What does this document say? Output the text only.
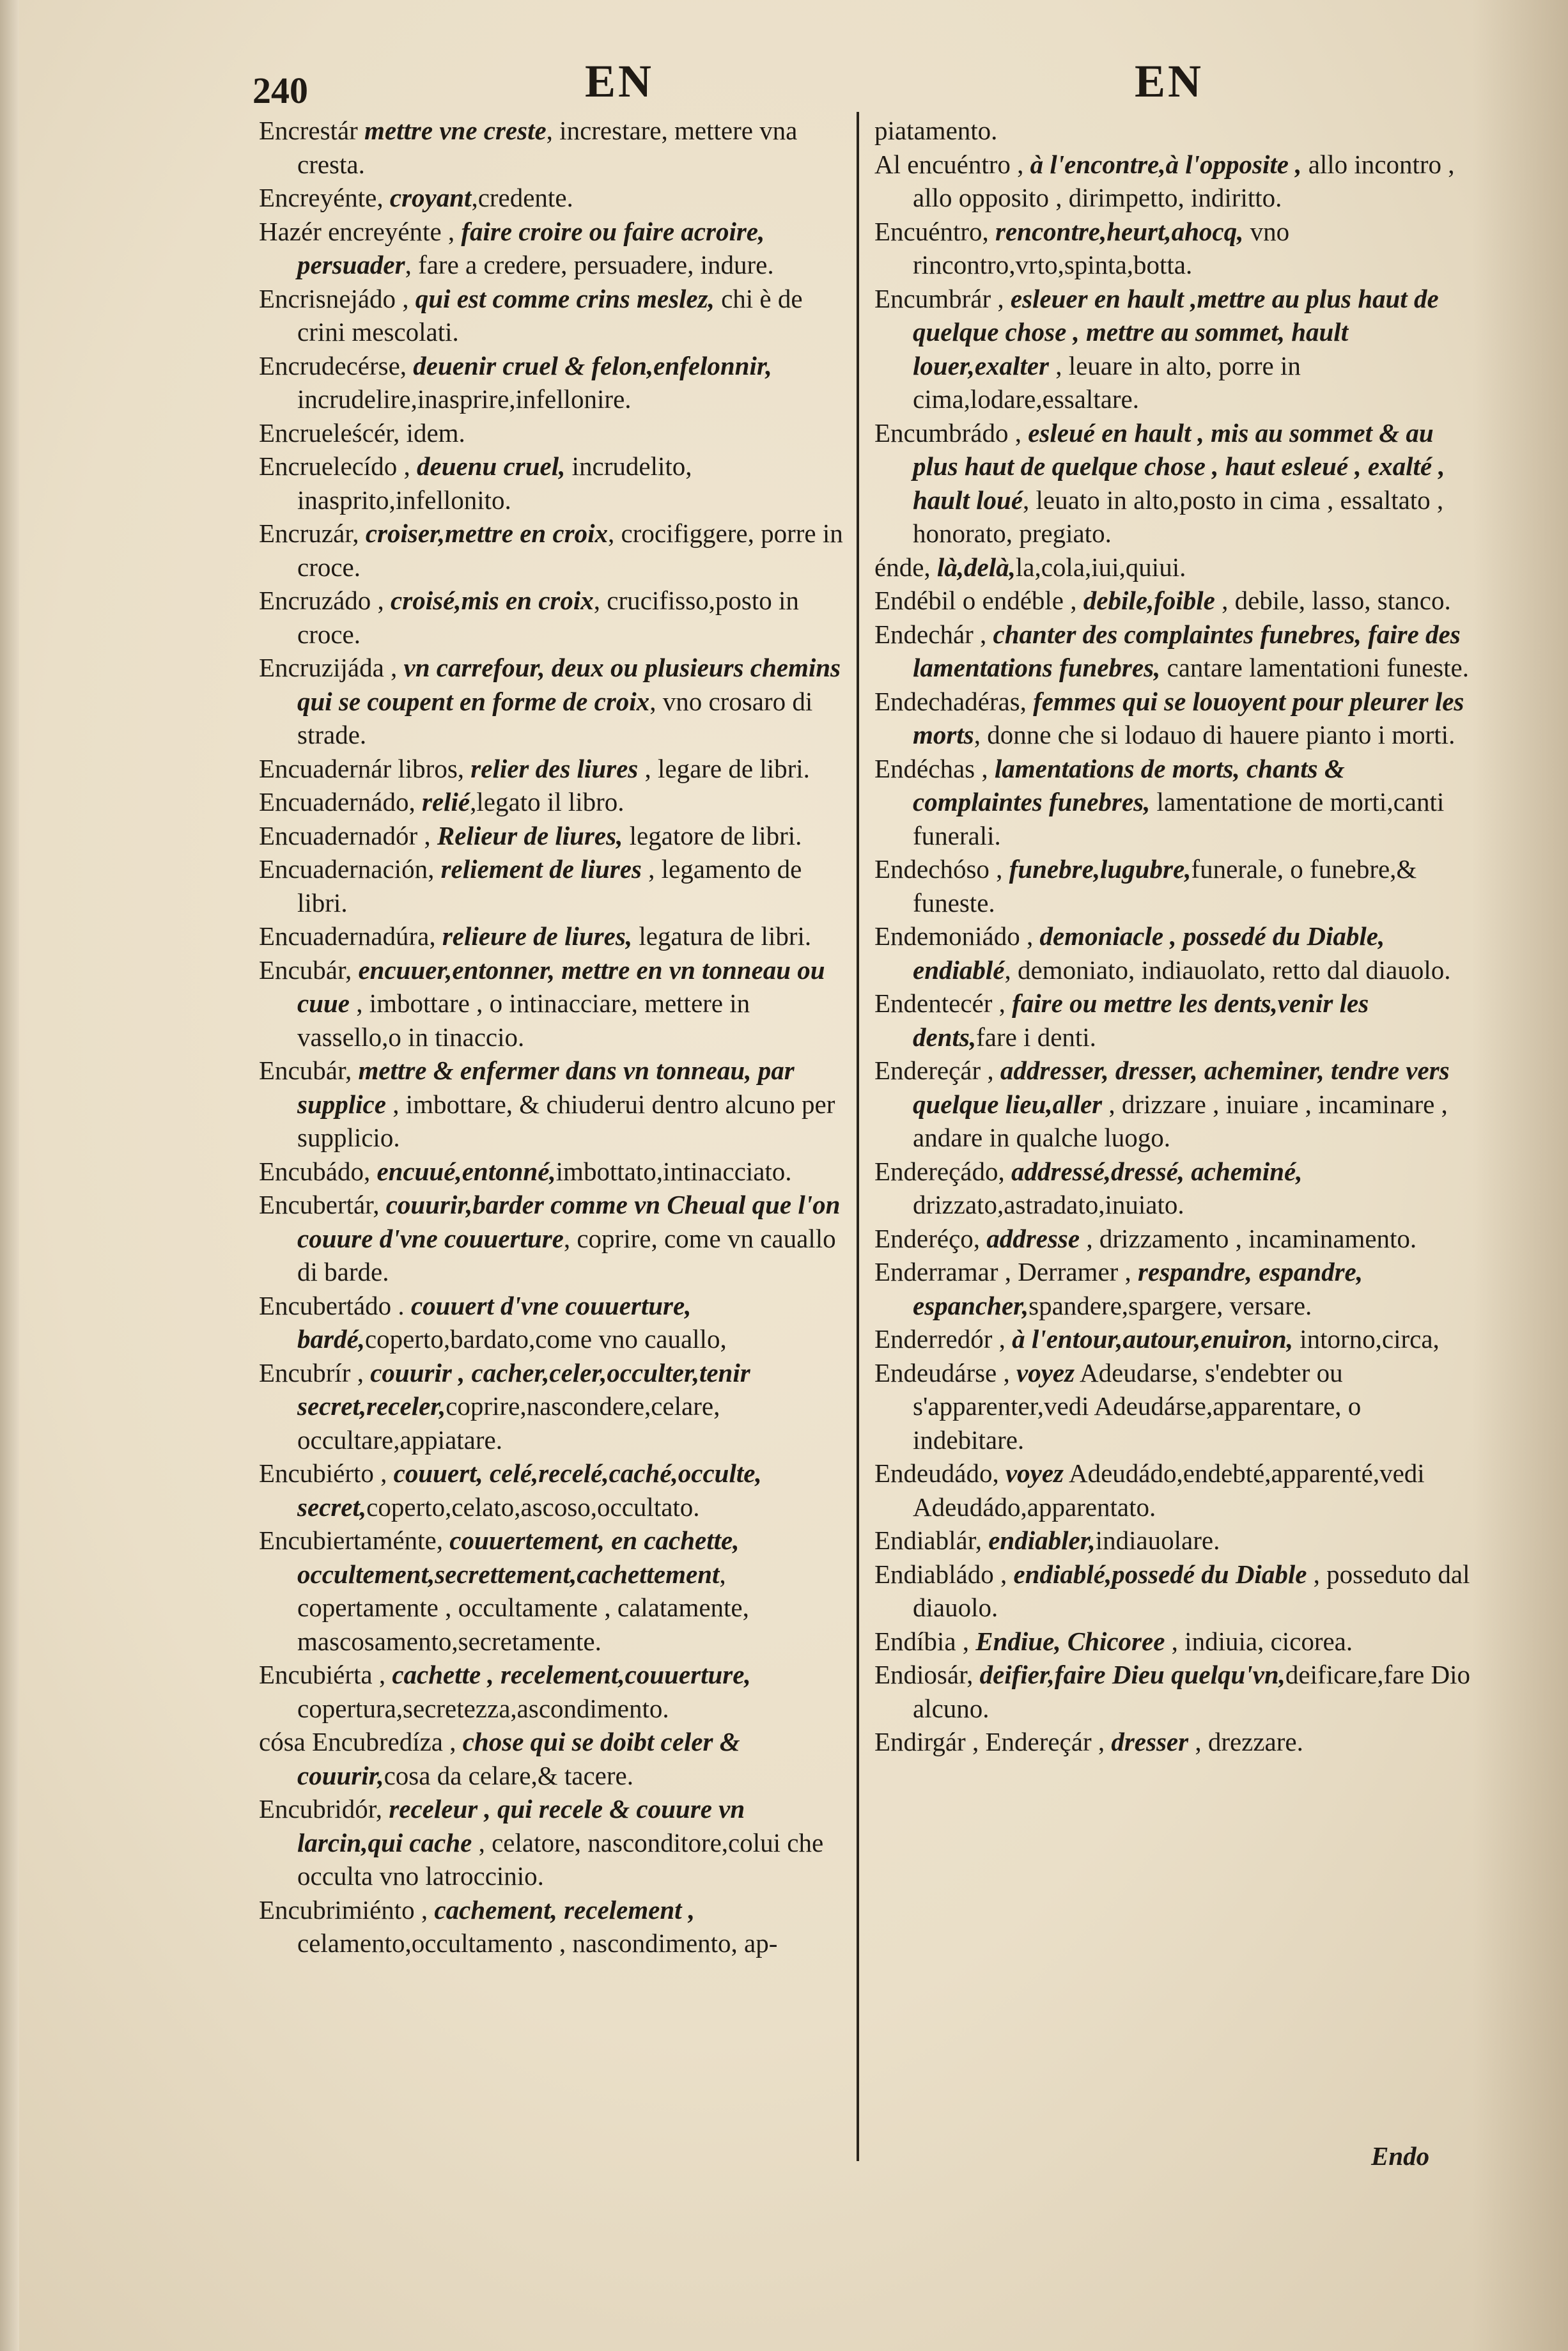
240	EN	EN

Encrestár mettre vne creste, increstare, mettere vna cresta.

Encreyénte, croyant,credente.

Hazér encreyénte , faire croire ou faire acroire, persuader, fare a credere, persuadere, indure.

Encrisnejádo , qui est comme crins meslez, chi è de crini mescolati.

Encrudecérse, deuenir cruel & felon,enfelonnir, incrudelire,inasprire,infellonire.

Encrueleścér, idem.

Encruelecído , deuenu cruel, incrudelito, inasprito,infellonito.

Encruzár, croiser,mettre en croix, crocifiggere, porre in croce.

Encruzádo , croisé,mis en croix, crucifisso,posto in croce.

Encruzijáda , vn carrefour, deux ou plusieurs chemins qui se coupent en forme de croix, vno crosaro di strade.

Encuadernár libros, relier des liures , legare de libri.

Encuadernádo, relié,legato il libro.

Encuadernadór , Relieur de liures, legatore de libri.

Encuadernación, reliement de liures , legamento de libri.

Encuadernadúra, relieure de liures, legatura de libri.

Encubár, encuuer,entonner, mettre en vn tonneau ou cuue , imbottare , o intinacciare, mettere in vassello,o in tinaccio.

Encubár, mettre & enfermer dans vn tonneau, par supplice , imbottare, & chiuderui dentro alcuno per supplicio.

Encubádo, encuué,entonné,imbottato,intinacciato.

Encubertár, couurir,barder comme vn Cheual que l'on couure d'vne couuerture, coprire, come vn cauallo di barde.

Encubertádo . couuert d'vne couuerture, bardé,coperto,bardato,come vno cauallo,

Encubrír , couurir , cacher,celer,occulter,tenir secret,receler,coprire,nascondere,celare, occultare,appiatare.

Encubiérto , couuert, celé,recelé,caché,occulte, secret,coperto,celato,ascoso,occultato.

Encubiertaménte, couuertement, en cachette, occultement,secrettement,cachettement, copertamente , occultamente , calatamente, mascosamento,secretamente.

Encubiérta , cachette , recelement,couuerture, copertura,secretezza,ascondimento.

cósa Encubredíza , chose qui se doibt celer & couurir,cosa da celare,& tacere.

Encubridór, receleur , qui recele & couure vn larcin,qui cache , celatore, nasconditore,colui che occulta vno latroccinio.

Encubrimiénto , cachement, recelement , celamento,occultamento , nascondimento, ap-

piatamento.

Al encuéntro , à l'encontre,à l'opposite , allo incontro , allo opposito , dirimpetto, indiritto.

Encuéntro, rencontre,heurt,ahocq, vno rincontro,vrto,spinta,botta.

Encumbrár , esleuer en hault ,mettre au plus haut de quelque chose , mettre au sommet, hault louer,exalter , leuare in alto, porre in cima,lodare,essaltare.

Encumbrádo , esleué en hault , mis au sommet & au plus haut de quelque chose , haut esleué , exalté , hault loué, leuato in alto,posto in cima , essaltato , honorato, pregiato.

énde, là,delà,la,cola,iui,quiui.

Endébil o endéble , debile,foible , debile, lasso, stanco.

Endechár , chanter des complaintes funebres, faire des lamentations funebres, cantare lamentationi funeste.

Endechadéras, femmes qui se louoyent pour pleurer les morts, donne che si lodauo di hauere pianto i morti.

Endéchas , lamentations de morts, chants & complaintes funebres, lamentatione de morti,canti funerali.

Endechóso , funebre,lugubre,funerale, o funebre,& funeste.

Endemoniádo , demoniacle , possedé du Diable, endiablé, demoniato, indiauolato, retto dal diauolo.

Endentecér , faire ou mettre les dents,venir les dents,fare i denti.

Endereçár , addresser, dresser, acheminer, tendre vers quelque lieu,aller , drizzare , inuiare , incaminare , andare in qualche luogo.

Endereçádo, addressé,dressé, acheminé, drizzato,astradato,inuiato.

Enderéço, addresse , drizzamento , incaminamento.

Enderramar , Derramer , respandre, espandre, espancher,spandere,spargere, versare.

Enderredór , à l'entour,autour,enuiron, intorno,circa,

Endeudárse , voyez Adeudarse, s'endebter ou s'apparenter,vedi Adeudárse,apparentare, o indebitare.

Endeudádo, voyez Adeudádo,endebté,apparenté,vedi Adeudádo,apparentato.

Endiablár, endiabler,indiauolare.

Endiabládo , endiablé,possedé du Diable , posseduto dal diauolo.

Endíbia , Endiue, Chicoree , indiuia, cicorea.

Endiosár, deifier,faire Dieu quelqu'vn,deificare,fare Dio alcuno.

Endirgár , Endereçár , dresser , drezzare.

Endo
